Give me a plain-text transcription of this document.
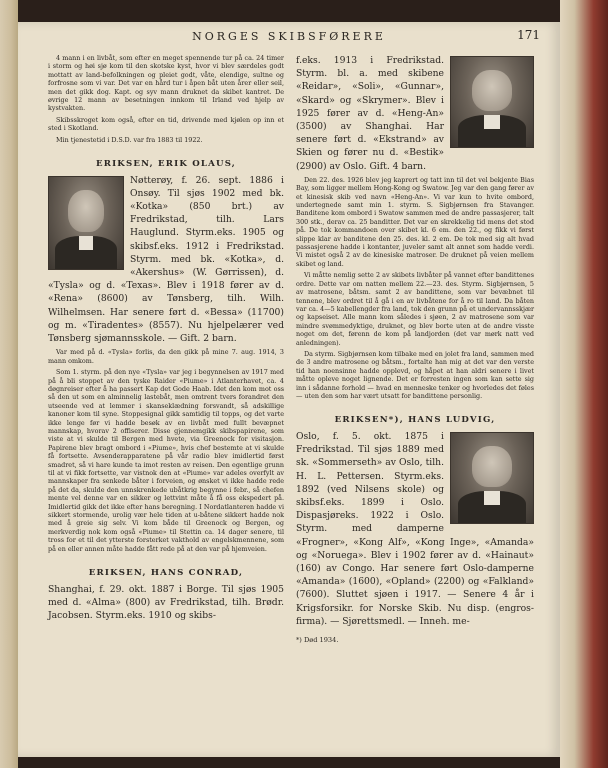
NORGES SKIBSFØRERE	171

4 mann i en livbåt, som efter en meget spennende tur på ca. 24 timer i storm og høi sjø kom til den skotske kyst, hvor vi blev særdeles godt mottatt av land-befolkningen og pleiet godt, våte, elendige, sultne og forfrosne som vi var. Det var en hård tur i åpen båt uten årer eller seil, men det gikk dog. Kapt. og syv mann druknet da skibet kantret. De øvrige 12 mann av besetningen innkom til Irland ved hjelp av kystvakten.

Skibsskroget kom også, efter en tid, drivende med kjølen op inn et sted i Skotland.

Min tjenestetid i D.S.D. var fra 1883 til 1922.

ERIKSEN, ERIK OLAUS,

Nøtterøy, f. 26. sept. 1886 i Onsøy. Til sjøs 1902 med bk. «Kotka» (850 brt.) av Fredrikstad, tilh. Lars Hauglund. Styrm.eks. 1905 og skibsf.eks. 1912 i Fredrikstad. Styrm. med bk. «Kotka», d. «Akershus» (W. Gørrissen), d. «Tysla» og d. «Texas». Blev i 1918 fører av d. «Rena» (8600) av Tønsberg, tilh. Wilh. Wilhelmsen. Har senere ført d. «Bessa» (11700) og m. «Tiradentes» (8557). Nu hjelpelærer ved Tønsberg sjømannsskole. — Gift. 2 barn.

Var med på d. «Tysla» forlis, da den gikk på mine 7. aug. 1914, 3 mann omkom.

Som 1. styrm. på den nye «Tysla» var jeg i begynnelsen av 1917 med på å bli stoppet av den tyske Raider «Piume» i Atlanterhavet, ca. 4 døgnreiser efter å ha passert Kap det Gode Haab. Idet den kom mot oss så den ut som en alminnelig lastebåt, men omtrent tvers forandret den utseende ved at lemmer i skanseklædning forsvandt, så adskillige kanoner kom til syne. Stoppesignal gikk samtidig til topps, og det varte ikke lenge før vi hadde besøk av en livbåt med fullt bevæpnet mannskap, hvorav 2 offiserer. Disse gjennemgikk skibspapirene, som viste at vi skulde til Bergen med hvete, via Greenock for visitasjon. Papirene blev bragt ombord i «Piume», hvis chef bestemte at vi skulde få fortsette. Avsenderapparatene på vår radio blev imidlertid først smadret, så vi hare kunde ta imot resten av reisen. Den egentlige grunn til at vi fikk fortsette, var vistnok den at «Piume» var adeles overfylt av mannskaper fra senkede båter i forveien, og ønsket vi ikke hadde rede på det da, skulde den unnskrenkede ubåtkrig begynne i febr., så chefen mente vel denne var en sikker og lettvint måte å få oss ekspedert på. Imidlertid gikk det ikke efter hans beregning. I Nordatlanteren hadde vi sikkert stormende, urolig vær hele tiden at u-båtene sikkert hadde nok med å greie sig selv. Vi kom både til Greenock og Bergen, og merkverdig nok kom også «Piume» til Stettin ca. 14 dager senere, til tross for et til det ytterste forsterket vakthold av engelskmennene, som på en eller annen måte hadde fått rede på at den var på hjemveien.

ERIKSEN, HANS CONRAD,

Shanghai, f. 29. okt. 1887 i Borge. Til sjøs 1905 med d. «Alma» (800) av Fredrikstad, tilh. Brødr. Jacobsen. Styrm.eks. 1910 og skibs-

f.eks. 1913 i Fredrikstad. Styrm. bl. a. med skibene «Reidar», «Soli», «Gunnar», «Skard» og «Skrymer». Blev i 1925 fører av d. «Heng-An» (3500) av Shanghai. Har senere ført d. «Ekstrand» av Skien og fører nu d. «Bestik» (2900) av Oslo. Gift. 4 barn.

Den 22. des. 1926 blev jeg kaprert og tatt inn til det vel bekjente Bias Bay, som ligger mellem Hong-Kong og Swatow. Jeg var den gang fører av et kinesisk skib ved navn «Heng-An». Vi var kun to hvite ombord, undertegnede samt min 1. styrm. S. Sigbjørnsen fra Stavanger. Banditene kom ombord i Swatow sammen med de andre passasjerer, talt 300 stk., derav ca. 25 banditter. Det var en skrekkelig tid mens det stod på. De tok kommandoen over skibet kl. 6 em. den 22., og fikk vi først slippe klar av banditene den 25. des. kl. 2 em. De tok med sig alt hvad passasjerene hadde i kontanter, juveler samt alt annet som hadde verdi. Vi mistet også 2 av de kinesiske matroser. De druknet på veien mellem skibet og land.

Vi måtte nemlig sette 2 av skibets livbåter på vannet efter bandittenes ordre. Dette var om natten mellem 22.—23. des. Styrm. Sigbjørnsen, 5 av matrosene, båtsm. samt 2 av bandittene, som var bevæbnet til tennene, blev ordret til å gå i en av livbåtene for å ro til land. Da båten var ca. 4—5 kabellengder fra land, tok den grunn på et undervannsskjær og kapseiset. Alle mann kom således i sjøen, 2 av matrosene som var mindre svømmedyktige, druknet, og blev borte uten at de andre visste noget om det, førenn de kom på landjorden (det var mørk natt ved anledningen).

Da styrm. Sigbjørnsen kom tilbake med en jolet fra land, sammen med de 3 andre matrosene og båtsm., fortalte han mig at det var den verste tid han noensinne hadde opplevd, og håpet at han aldri senere i livet måtte oplevе noget lignende. Det er forresten ingen som kan sette sig inn i sådanne forhold — hvad en menneske tenker og hvorledes det føles — uten den som har vært utsatt for bandittene personlig.

ERIKSEN*), HANS LUDVIG,

Oslo, f. 5. okt. 1875 i Fredrikstad. Til sjøs 1889 med sk. «Sommerseth» av Oslo, tilh. H. L. Pettersen. Styrm.eks. 1892 (ved Nilsens skole) og skibsf.eks. 1899 i Oslo. Dispasjøreks. 1922 i Oslo. Styrm. med damperne «Frogner», «Kong Alf», «Kong Inge», «Amanda» og «Noruega». Blev i 1902 fører av d. «Hainaut» (160) av Congo. Har senere ført Oslo-damperne «Amanda» (1600), «Opland» (2200) og «Falkland» (7600). Sluttet sjøen i 1917. — Senere 4 år i Krigsforsikr. for Norske Skib. Nu disp. (engros-firma). — Sjørettsmedl. — Inneh. me-

*) Død 1934.
